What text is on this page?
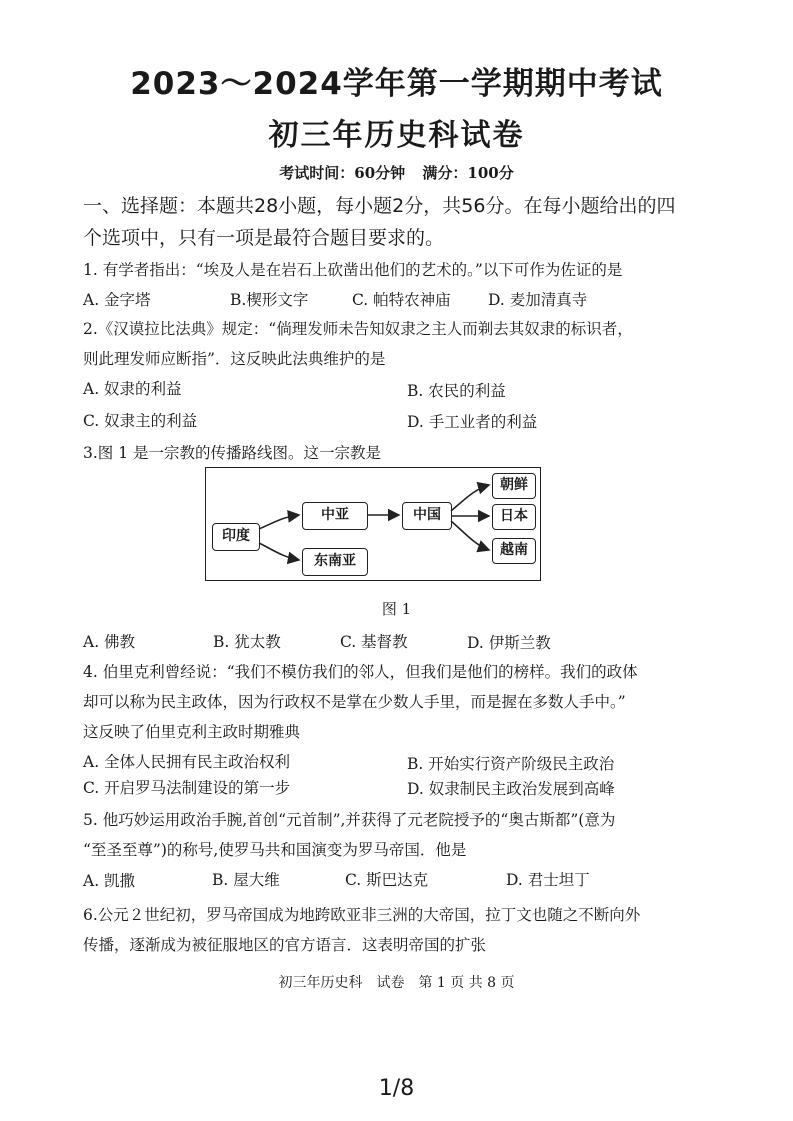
2023～2024学年第一学期期中考试
初三年历史科试卷
考试时间：60分钟 满分：100分
一、选择题：本题共28小题，每小题2分，共56分。在每小题给出的四
个选项中，只有一项是最符合题目要求的。
1. 有学者指出：“埃及人是在岩石上砍凿出他们的艺术的。”以下可作为佐证的是
A. 金字塔	B.楔形文字	C. 帕特农神庙 D. 麦加清真寺
2.《汉谟拉比法典》规定：“倘理发师未告知奴隶之主人而剃去其奴隶的标识者，
则此理发师应断指”．这反映此法典维护的是
A. 奴隶的利益	B. 农民的利益
C. 奴隶主的利益	D. 手工业者的利益
3.图 1 是一宗教的传播路线图。这一宗教是
印度
中亚
东南亚
中国
朝鲜
日本
越南
图 1
A. 佛教	B. 犹太教	C. 基督教	D. 伊斯兰教
4. 伯里克利曾经说：“我们不模仿我们的邻人，但我们是他们的榜样。我们的政体
却可以称为民主政体，因为行政权不是掌在少数人手里，而是握在多数人手中。”
这反映了伯里克利主政时期雅典
A. 全体人民拥有民主政治权利	B. 开始实行资产阶级民主政治
C. 开启罗马法制建设的第一步	D. 奴隶制民主政治发展到高峰
5. 他巧妙运用政治手腕,首创“元首制”,并获得了元老院授予的“奥古斯都”(意为
“至圣至尊”)的称号,使罗马共和国演变为罗马帝国．他是
A. 凯撒	B. 屋大维	C. 斯巴达克	D. 君士坦丁
6.公元２世纪初，罗马帝国成为地跨欧亚非三洲的大帝国，拉丁文也随之不断向外
传播，逐渐成为被征服地区的官方语言．这表明帝国的扩张
初三年历史科　试卷　第 1 页 共 8 页
1/8
